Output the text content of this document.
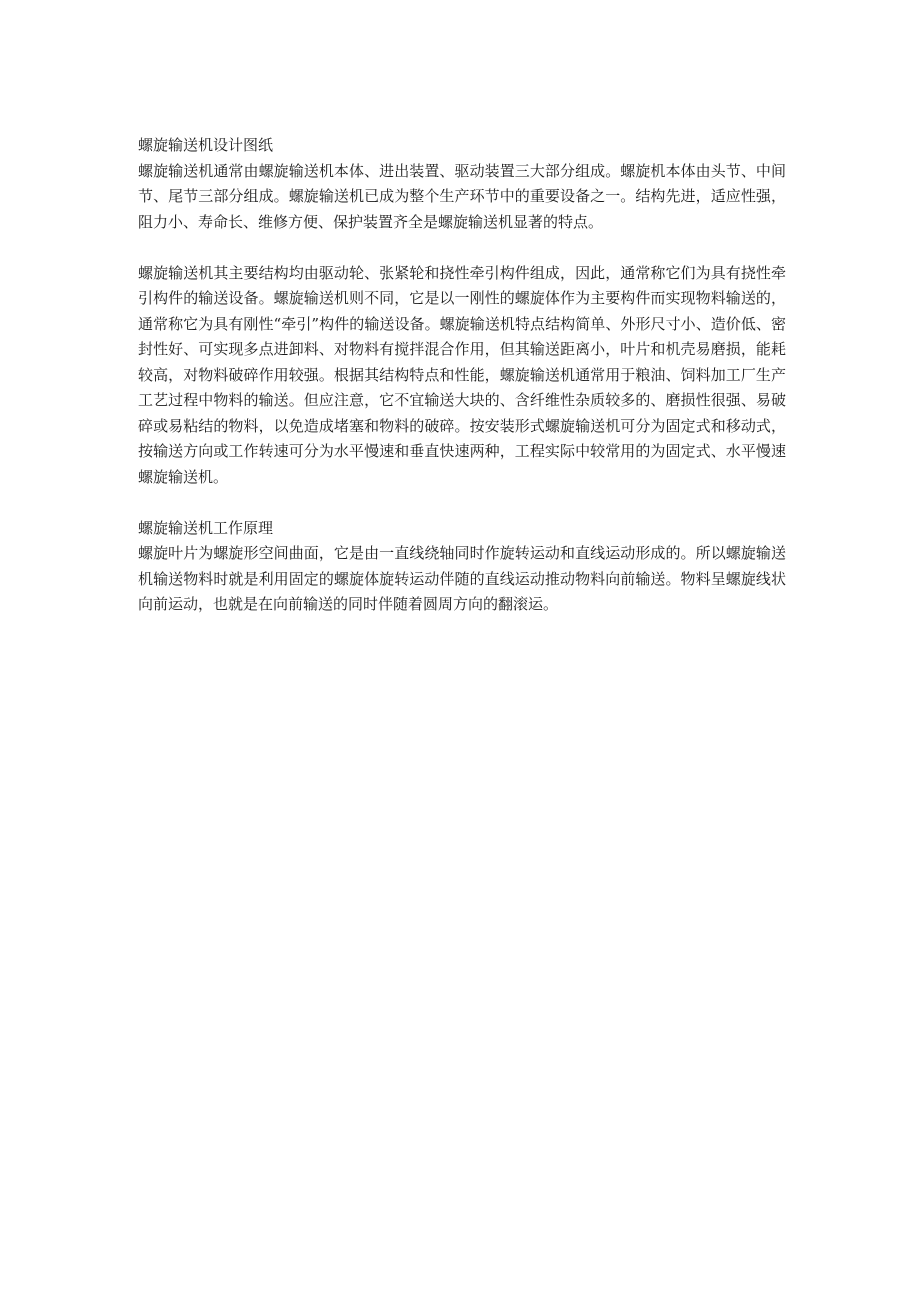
螺旋输送机设计图纸

螺旋输送机通常由螺旋输送机本体、进出装置、驱动装置三大部分组成。螺旋机本体由头节、中间节、尾节三部分组成。螺旋输送机已成为整个生产环节中的重要设备之一。结构先进，适应性强，阻力小、寿命长、维修方便、保护装置齐全是螺旋输送机显著的特点。

螺旋输送机其主要结构均由驱动轮、张紧轮和挠性牵引构件组成，因此，通常称它们为具有挠性牵引构件的输送设备。螺旋输送机则不同，它是以一刚性的螺旋体作为主要构件而实现物料输送的，通常称它为具有刚性“牵引”构件的输送设备。螺旋输送机特点结构简单、外形尺寸小、造价低、密封性好、可实现多点进卸料、对物料有搅拌混合作用，但其输送距离小，叶片和机壳易磨损，能耗较高，对物料破碎作用较强。根据其结构特点和性能，螺旋输送机通常用于粮油、饲料加工厂生产工艺过程中物料的输送。但应注意，它不宜输送大块的、含纤维性杂质较多的、磨损性很强、易破碎或易粘结的物料，以免造成堵塞和物料的破碎。按安装形式螺旋输送机可分为固定式和移动式，按输送方向或工作转速可分为水平慢速和垂直快速两种，工程实际中较常用的为固定式、水平慢速螺旋输送机。

螺旋输送机工作原理

螺旋叶片为螺旋形空间曲面，它是由一直线绕轴同时作旋转运动和直线运动形成的。所以螺旋输送机输送物料时就是利用固定的螺旋体旋转运动伴随的直线运动推动物料向前输送。物料呈螺旋线状向前运动，也就是在向前输送的同时伴随着圆周方向的翻滚运。
